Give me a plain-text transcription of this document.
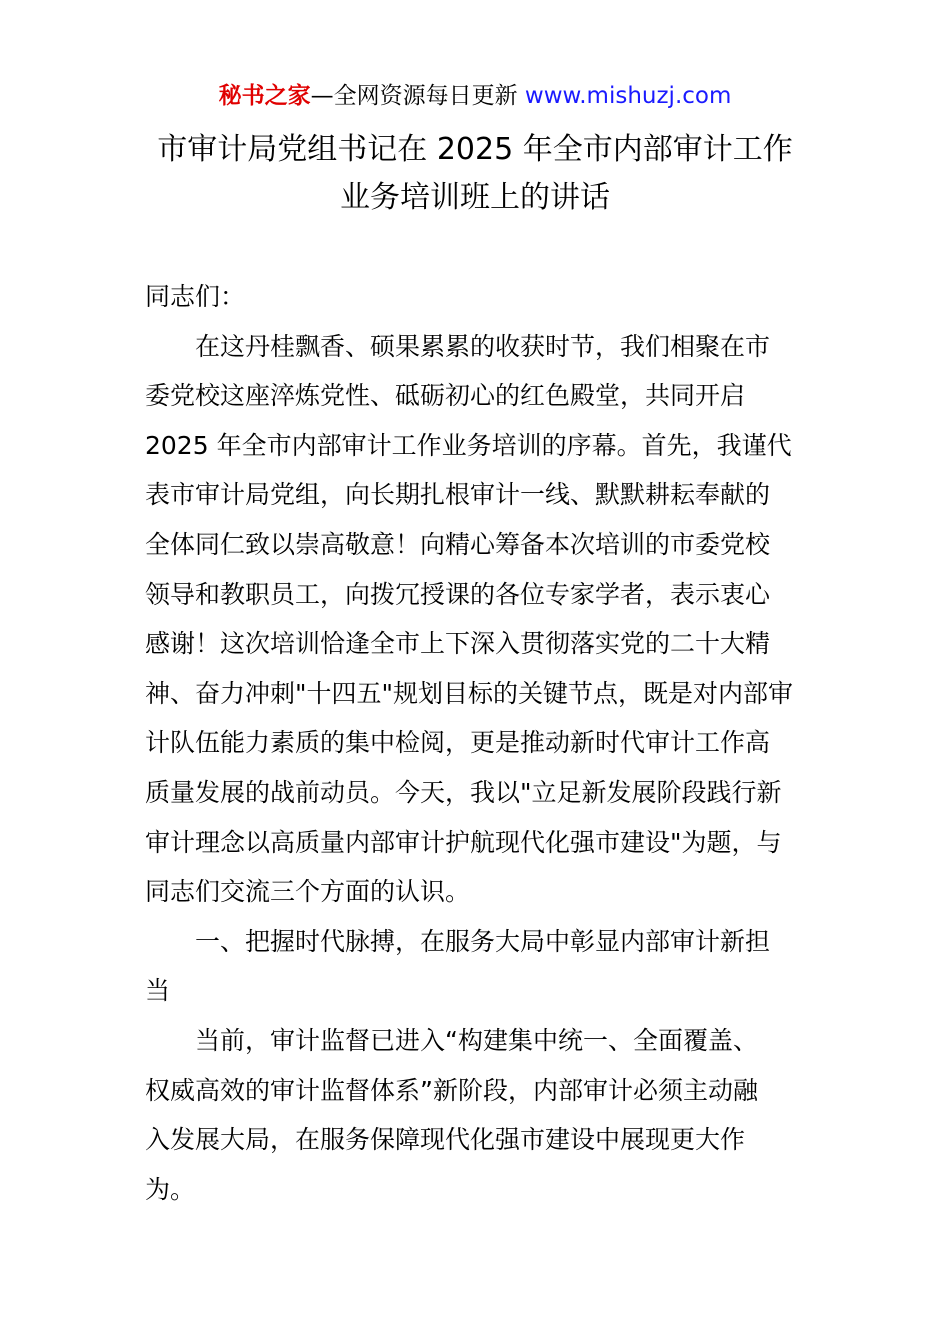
秘书之家—全网资源每日更新 www.mishuzj.com
市审计局党组书记在 2025 年全市内部审计工作
业务培训班上的讲话
同志们：
在这丹桂飘香、硕果累累的收获时节，我们相聚在市
委党校这座淬炼党性、砥砺初心的红色殿堂，共同开启
2025 年全市内部审计工作业务培训的序幕。首先，我谨代
表市审计局党组，向长期扎根审计一线、默默耕耘奉献的
全体同仁致以崇高敬意！向精心筹备本次培训的市委党校
领导和教职员工，向拨冗授课的各位专家学者，表示衷心
感谢！这次培训恰逢全市上下深入贯彻落实党的二十大精
神、奋力冲刺"十四五"规划目标的关键节点，既是对内部审
计队伍能力素质的集中检阅，更是推动新时代审计工作高
质量发展的战前动员。今天，我以"立足新发展阶段践行新
审计理念以高质量内部审计护航现代化强市建设"为题，与
同志们交流三个方面的认识。
一、把握时代脉搏，在服务大局中彰显内部审计新担
当
当前，审计监督已进入“构建集中统一、全面覆盖、
权威高效的审计监督体系”新阶段，内部审计必须主动融
入发展大局，在服务保障现代化强市建设中展现更大作
为。
